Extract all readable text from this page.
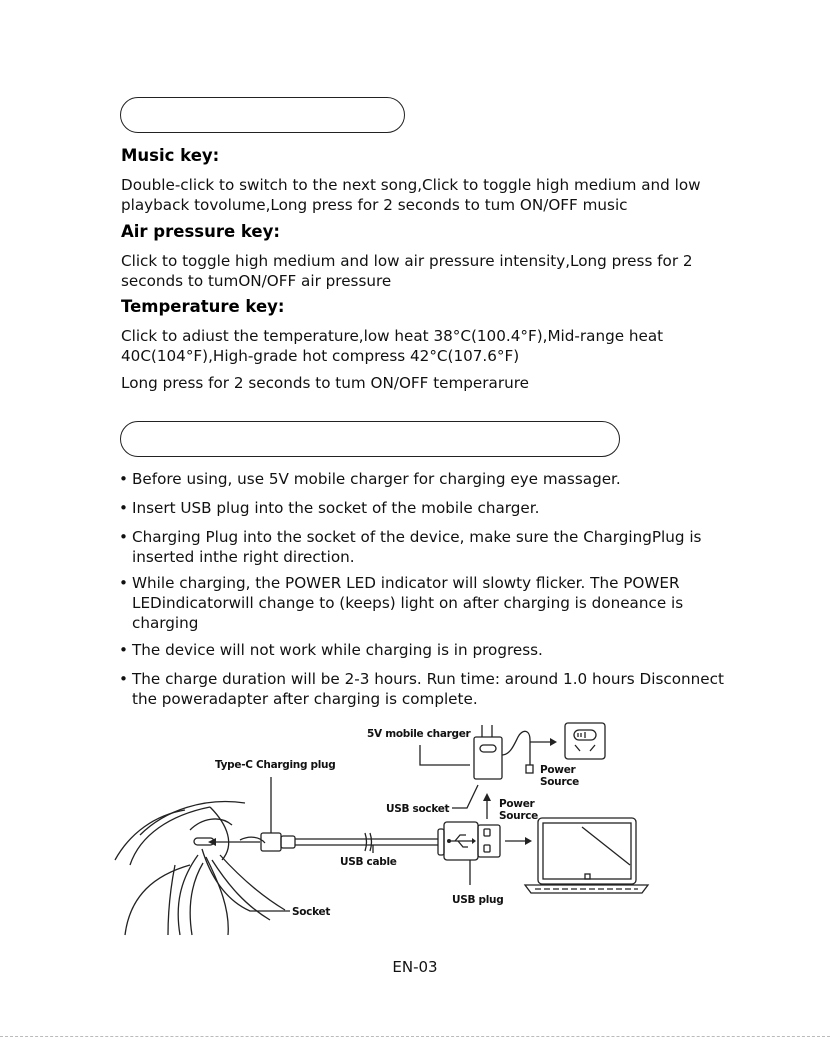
Music key:
Double-click to switch to the next song,Click to toggle high medium and low playback tovolume,Long press for 2 seconds to tum ON/OFF music
Air pressure key:
Click to toggle high medium and low air pressure intensity,Long press for 2 seconds to tumON/OFF air pressure
Temperature key:
Click to adiust the temperature,low heat 38°C(100.4°F),Mid-range heat 40C(104°F),High-grade hot compress 42°C(107.6°F)
Long press for 2 seconds to tum ON/OFF temperarure
• Before using, use 5V mobile charger for charging eye massager.
• Insert USB plug into the socket of the mobile charger.
• Charging Plug into the socket of the device, make sure the ChargingPlug is inserted inthe right direction.
• While charging, the POWER LED indicator will slowty flicker. The POWER LEDindicatorwill change to (keeps) light on after charging is doneance is charging
• The device will not work while charging is in progress.
• The charge duration will be 2-3 hours. Run time: around 1.0 hours Disconnect the poweradapter after charging is complete.
Socket
Type-C Charging plug
USB cable
USB plug
Power
Source
USB socket
5V mobile charger
Power
Source
EN-03
